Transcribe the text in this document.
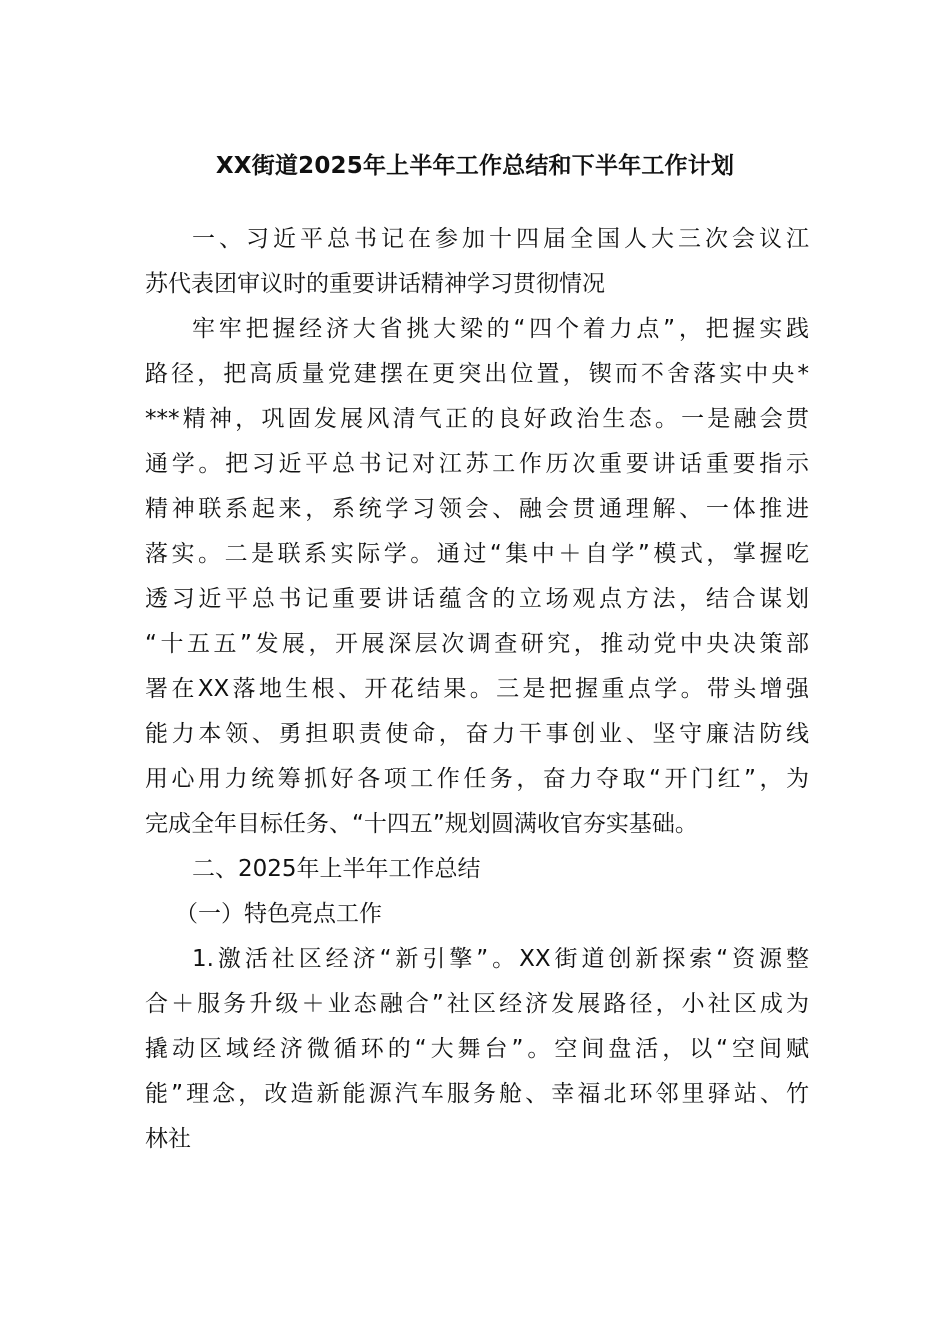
XX街道2025年上半年工作总结和下半年工作计划
一、习近平总书记在参加十四届全国人大三次会议江
苏代表团审议时的重要讲话精神学习贯彻情况
牢牢把握经济大省挑大梁的“四个着力点”，把握实践
路径，把高质量党建摆在更突出位置，锲而不舍落实中央*
***精神，巩固发展风清气正的良好政治生态。一是融会贯
通学。把习近平总书记对江苏工作历次重要讲话重要指示
精神联系起来，系统学习领会、融会贯通理解、一体推进
落实。二是联系实际学。通过“集中＋自学”模式，掌握吃
透习近平总书记重要讲话蕴含的立场观点方法，结合谋划
“十五五”发展，开展深层次调查研究，推动党中央决策部
署在XX落地生根、开花结果。三是把握重点学。带头增强
能力本领、勇担职责使命，奋力干事创业、坚守廉洁防线
用心用力统筹抓好各项工作任务，奋力夺取“开门红”，为
完成全年目标任务、“十四五”规划圆满收官夯实基础。
二、2025年上半年工作总结
（一）特色亮点工作
1.激活社区经济“新引擎”。XX街道创新探索“资源整
合＋服务升级＋业态融合”社区经济发展路径，小社区成为
撬动区域经济微循环的“大舞台”。空间盘活，以“空间赋
能”理念，改造新能源汽车服务舱、幸福北环邻里驿站、竹
林社
